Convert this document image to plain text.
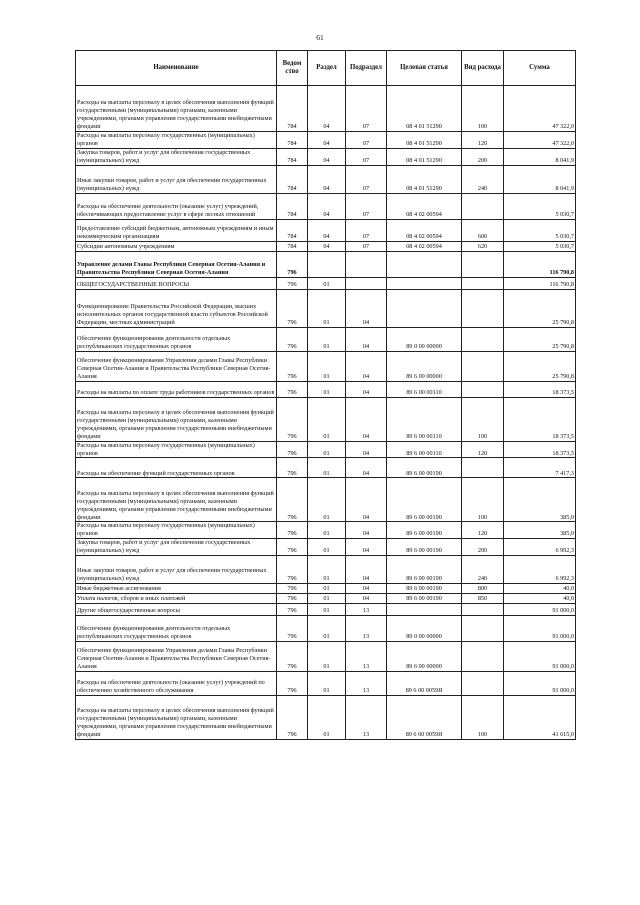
61
Наименование	Ведом ство	Раздел	Подраздел	Целевая статья	Вид расхода	Сумма
Расходы на выплаты персоналу в целях обеспечения выполнения функций государственными (муниципальными) органами, казенными учреждениями, органами управления государственными внебюджетными фондами	784	04	07	08 4 01 51290	100	47 322,0
Расходы на выплаты персоналу государственных (муниципальных) органов	784	04	07	08 4 01 51290	120	47 322,0
Закупка товаров, работ и услуг для обеспечения государственных (муниципальных) нужд	784	04	07	08 4 01 51290	200	8 041,9
Иные закупки товаров, работ и услуг для обеспечения государственных (муниципальных) нужд	784	04	07	08 4 01 51290	240	8 041,9
Расходы на обеспечение деятельности (оказание услуг) учреждений, обеспечивающих предоставление услуг в сфере лесных отношений	784	04	07	08 4 02 00594		5 030,7
Предоставление субсидий бюджетным, автономным учреждениям и иным некоммерческим организациям	784	04	07	08 4 02 00594	600	5 030,7
Субсидии автономным учреждениям	784	04	07	08 4 02 00594	620	5 030,7
Управление делами Главы Республики Северная Осетия-Алания и Правительства Республики Северная Осетия-Алания	796					116 790,8
ОБЩЕГОСУДАРСТВЕННЫЕ ВОПРОСЫ	796	01				116 790,8
Функционирование Правительства Российской Федерации, высших исполнительных органов государственной власти субъектов Российской Федерации, местных администраций	796	01	04			25 790,8
Обеспечение функционирования деятельности отдельных республиканских государственных органов	796	01	04	89 0 00 00000		25 790,8
Обеспечение функционирования Управления делами Главы Республики Северная Осетия-Алания и Правительства Республики Северная Осетия-Алания	796	01	04	89 6 00 00000		25 790,8
Расходы на выплаты по оплате труда работников государственных органов	796	01	04	89 6 00 00110		18 373,5
Расходы на выплаты персоналу в целях обеспечения выполнения функций государственными (муниципальными) органами, казенными учреждениями, органами управления государственными внебюджетными фондами	796	01	04	89 6 00 00110	100	18 373,5
Расходы на выплаты персоналу государственных (муниципальных) органов	796	01	04	89 6 00 00110	120	18 373,5
Расходы на обеспечение функций государственных органов	796	01	04	89 6 00 00190		7 417,3
Расходы на выплаты персоналу в целях обеспечения выполнения функций государственными (муниципальными) органами, казенными учреждениями, органами управления государственными внебюджетными фондами	796	01	04	89 6 00 00190	100	385,0
Расходы на выплаты персоналу государственных (муниципальных) органов	796	01	04	89 6 00 00190	120	385,0
Закупка товаров, работ и услуг для обеспечения государственных (муниципальных) нужд	796	01	04	89 6 00 00190	200	6 992,3
Иные закупки товаров, работ и услуг для обеспечения государственных (муниципальных) нужд	796	01	04	89 6 00 00190	240	6 992,3
Иные бюджетные ассигнования	796	01	04	89 6 00 00190	800	40,0
Уплата налогов, сборов и иных платежей	796	01	04	89 6 00 00190	850	40,0
Другие общегосударственные вопросы	796	01	13			91 000,0
Обеспечение функционирования деятельности отдельных республиканских государственных органов	796	01	13	89 0 00 00000		91 000,0
Обеспечение функционирования Управления делами Главы Республики Северная Осетия-Алания и Правительства Республики Северная Осетия-Алания	796	01	13	89 6 00 00000		91 000,0
Расходы на обеспечение деятельности (оказание услуг) учреждений по обеспечению хозяйственного обслуживания	796	01	13	89 6 00 0059Я		91 000,0
Расходы на выплаты персоналу в целях обеспечения выполнения функций государственными (муниципальными) органами, казенными учреждениями, органами управления государственными внебюджетными фондами	796	01	13	89 6 00 0059Я	100	41 615,0
